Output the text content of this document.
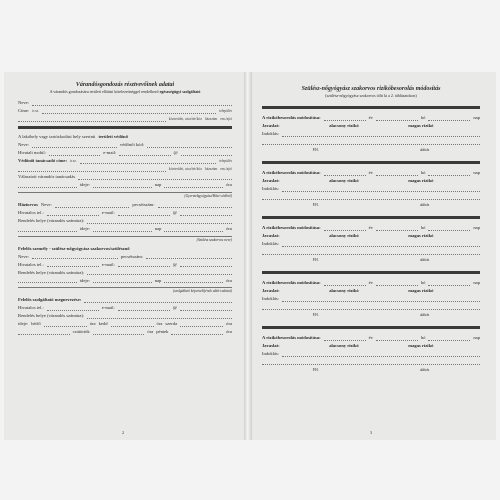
Várandósgondozás résztvevőinek adatai
A várandós gondozására területi ellátási kötelezettséggel rendelkező egészségügyi szolgáltató
Neve:
Címe: ir.sz.	település
közterület, utca/tér/köz házszám em./ajtó
A lakóhely vagy tartózkodási hely szerinti területi védőnő
Neve:	védőnői kód:
Hivatali mobil:	e-mail:	@
Védőnői tanácsadó címe: ir.sz.	település
közterület, utca/tér/köz házszám em./ajtó
Választott várandós tanácsadás
ideje:	nap	óra
(Gyermekgyógyász/Házi védőnő)
Háziorvos Neve:	pecsétszám:
Hivatalos tel.:	e-mail:	@
Rendelés helye (várandós számára):
ideje:	nap	óra
(Szülész szakorvos neve)
Felelős személy - szülész-nőgyógyász szakorvos/szülésznő
Neve:	pecsétszám:
Hivatalos tel.:	e-mail:	@
Rendelés helye (várandós számára):
ideje:	nap	óra
(szolgáltató képviselőjének aláírt adatai)
Felelős szolgáltató megnevezése:
Hivatalos tel.:	e-mail:	@
Rendelés helye (várandós számára):
ideje: hétfő	óra kedd	óra szerda	óra
csütörtök	óra péntek	óra
2
Szülész-nőgyógyász szakorvos rizikóbesorolás módosítás
(szülész-nőgyógyász szakorvos tölti ki a 2. táblázatokon)
A rizikóbesorolás módosítása:	év	hó	nap
Javaslat:	alacsony rizikó	magas rizikó
Indoklás:
P.H.	aláírás
A rizikóbesorolás módosítása:	év	hó	nap
Javaslat:	alacsony rizikó	magas rizikó
Indoklás:
P.H.	aláírás
A rizikóbesorolás módosítása:	év	hó	nap
Javaslat:	alacsony rizikó	magas rizikó
Indoklás:
P.H.	aláírás
A rizikóbesorolás módosítása:	év	hó	nap
Javaslat:	alacsony rizikó	magas rizikó
Indoklás:
P.H.	aláírás
A rizikóbesorolás módosítása:	év	hó	nap
Javaslat:	alacsony rizikó	magas rizikó
Indoklás:
P.H.	aláírás
3
